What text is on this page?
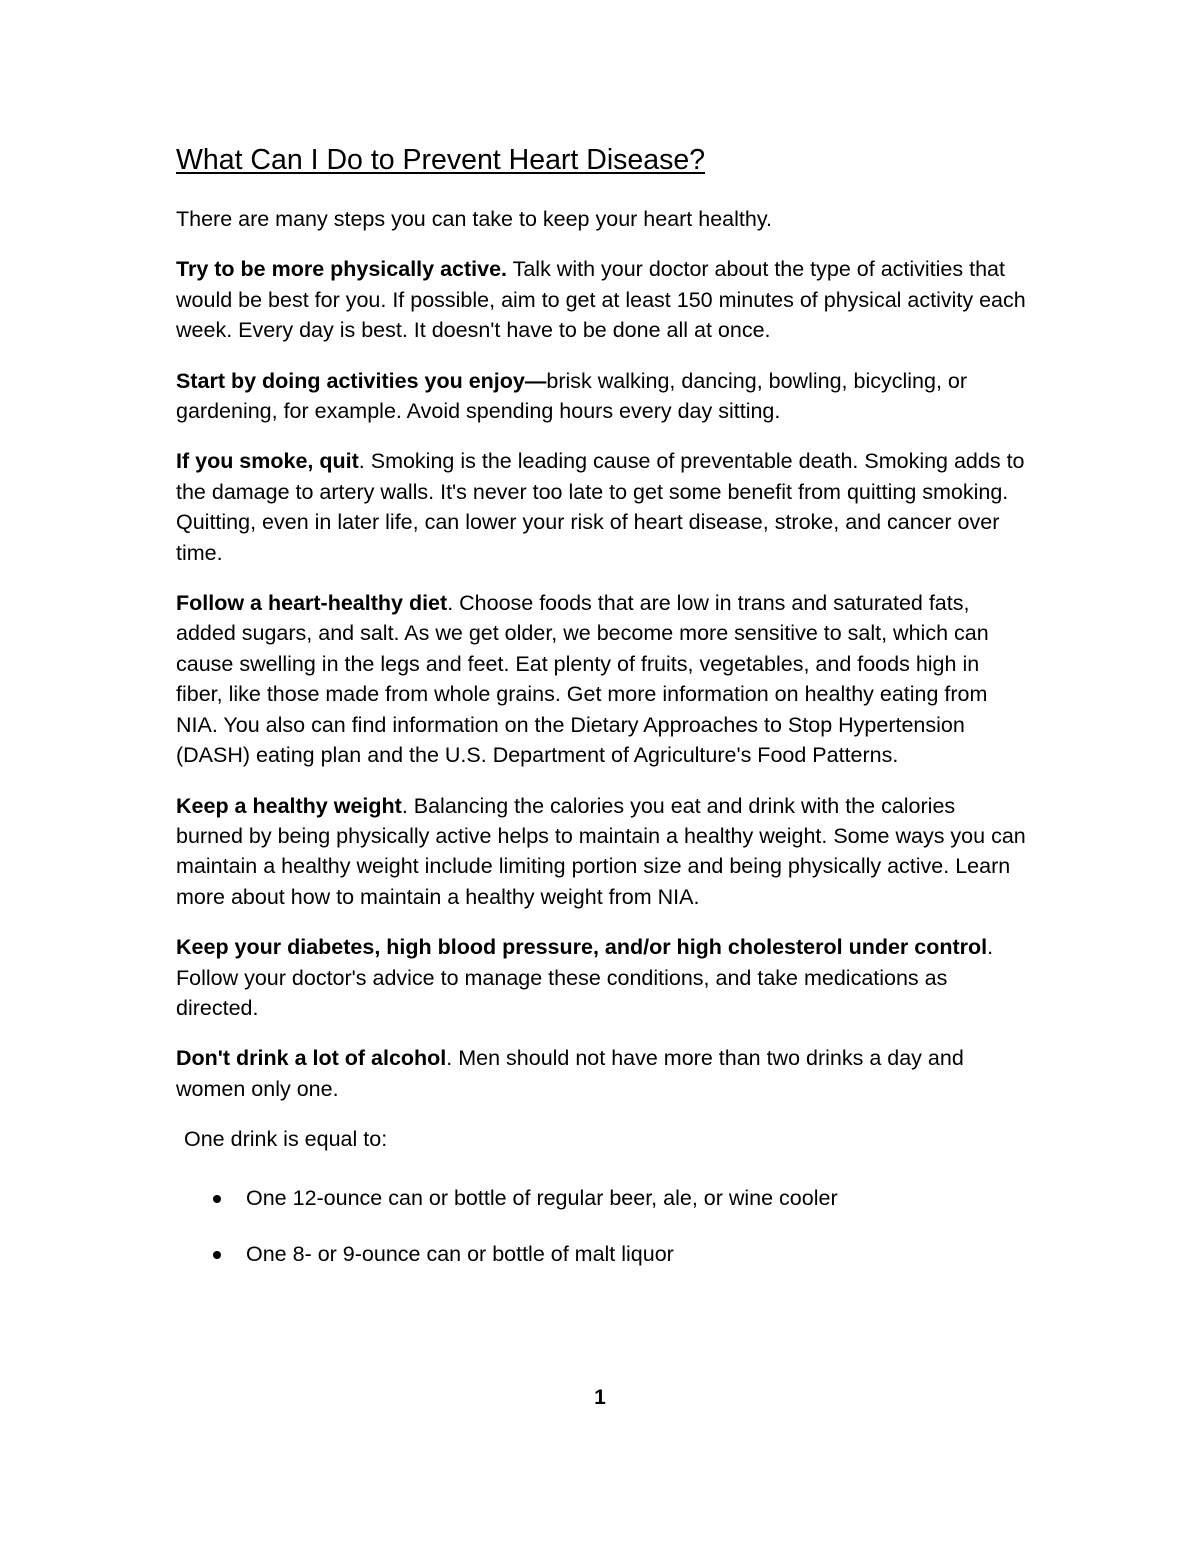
What Can I Do to Prevent Heart Disease?

There are many steps you can take to keep your heart healthy.

Try to be more physically active. Talk with your doctor about the type of activities that would be best for you. If possible, aim to get at least 150 minutes of physical activity each week. Every day is best. It doesn't have to be done all at once.

Start by doing activities you enjoy—brisk walking, dancing, bowling, bicycling, or gardening, for example. Avoid spending hours every day sitting.

If you smoke, quit. Smoking is the leading cause of preventable death. Smoking adds to the damage to artery walls. It's never too late to get some benefit from quitting smoking. Quitting, even in later life, can lower your risk of heart disease, stroke, and cancer over time.

Follow a heart-healthy diet. Choose foods that are low in trans and saturated fats, added sugars, and salt. As we get older, we become more sensitive to salt, which can cause swelling in the legs and feet. Eat plenty of fruits, vegetables, and foods high in fiber, like those made from whole grains. Get more information on healthy eating from NIA. You also can find information on the Dietary Approaches to Stop Hypertension (DASH) eating plan and the U.S. Department of Agriculture's Food Patterns.

Keep a healthy weight. Balancing the calories you eat and drink with the calories burned by being physically active helps to maintain a healthy weight. Some ways you can maintain a healthy weight include limiting portion size and being physically active. Learn more about how to maintain a healthy weight from NIA.

Keep your diabetes, high blood pressure, and/or high cholesterol under control. Follow your doctor's advice to manage these conditions, and take medications as directed.

Don't drink a lot of alcohol. Men should not have more than two drinks a day and women only one.

One drink is equal to:

One 12-ounce can or bottle of regular beer, ale, or wine cooler
One 8- or 9-ounce can or bottle of malt liquor
1
